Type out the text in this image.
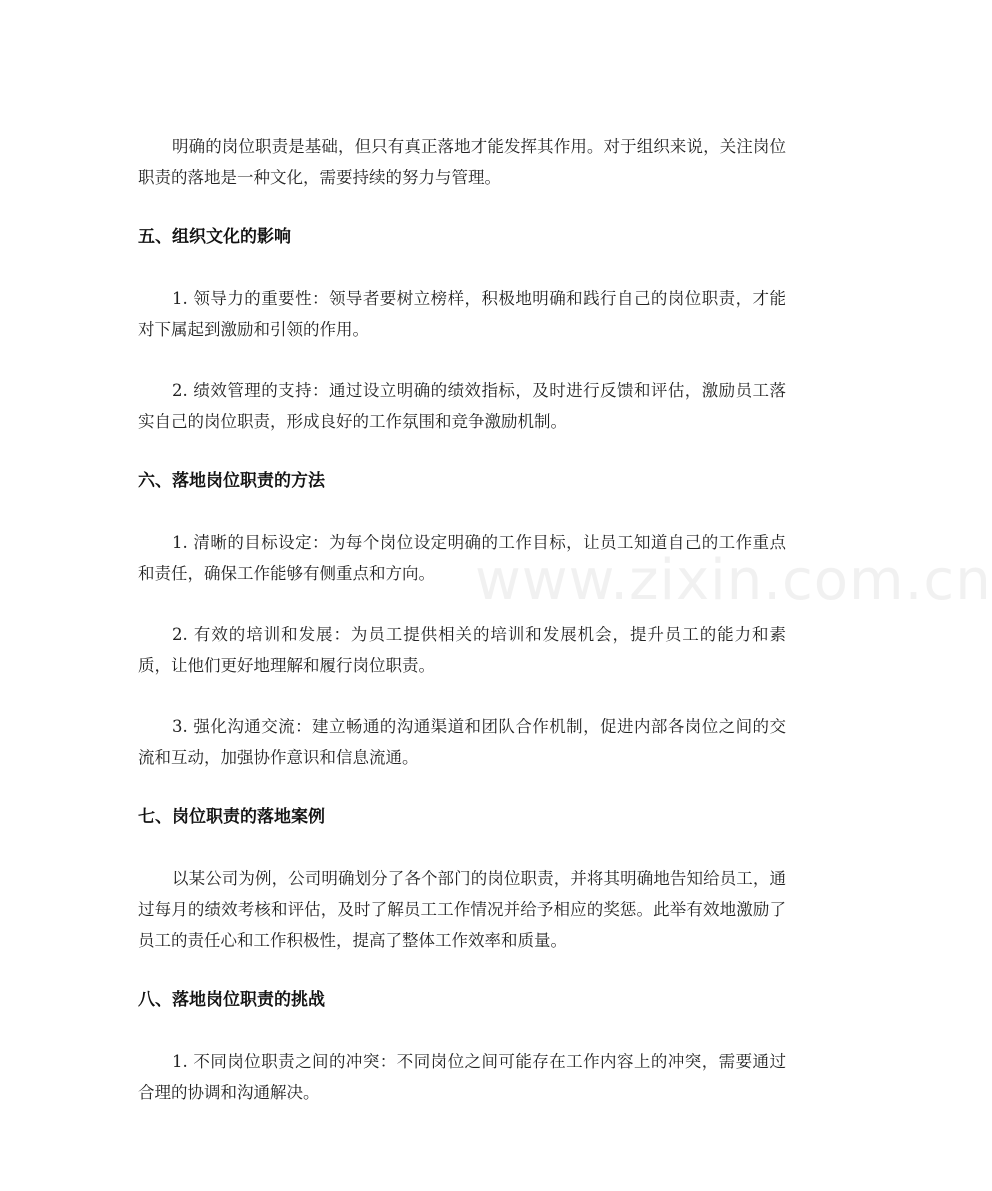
明确的岗位职责是基础，但只有真正落地才能发挥其作用。对于组织来说，关注岗位职责的落地是一种文化，需要持续的努力与管理。

五、组织文化的影响

1. 领导力的重要性：领导者要树立榜样，积极地明确和践行自己的岗位职责，才能对下属起到激励和引领的作用。

2. 绩效管理的支持：通过设立明确的绩效指标，及时进行反馈和评估，激励员工落实自己的岗位职责，形成良好的工作氛围和竞争激励机制。

六、落地岗位职责的方法

1. 清晰的目标设定：为每个岗位设定明确的工作目标，让员工知道自己的工作重点和责任，确保工作能够有侧重点和方向。

2. 有效的培训和发展：为员工提供相关的培训和发展机会，提升员工的能力和素质，让他们更好地理解和履行岗位职责。

3. 强化沟通交流：建立畅通的沟通渠道和团队合作机制，促进内部各岗位之间的交流和互动，加强协作意识和信息流通。

七、岗位职责的落地案例

以某公司为例，公司明确划分了各个部门的岗位职责，并将其明确地告知给员工，通过每月的绩效考核和评估，及时了解员工工作情况并给予相应的奖惩。此举有效地激励了员工的责任心和工作积极性，提高了整体工作效率和质量。

八、落地岗位职责的挑战

1. 不同岗位职责之间的冲突：不同岗位之间可能存在工作内容上的冲突，需要通过合理的协调和沟通解决。

www.zixin.com.cn
